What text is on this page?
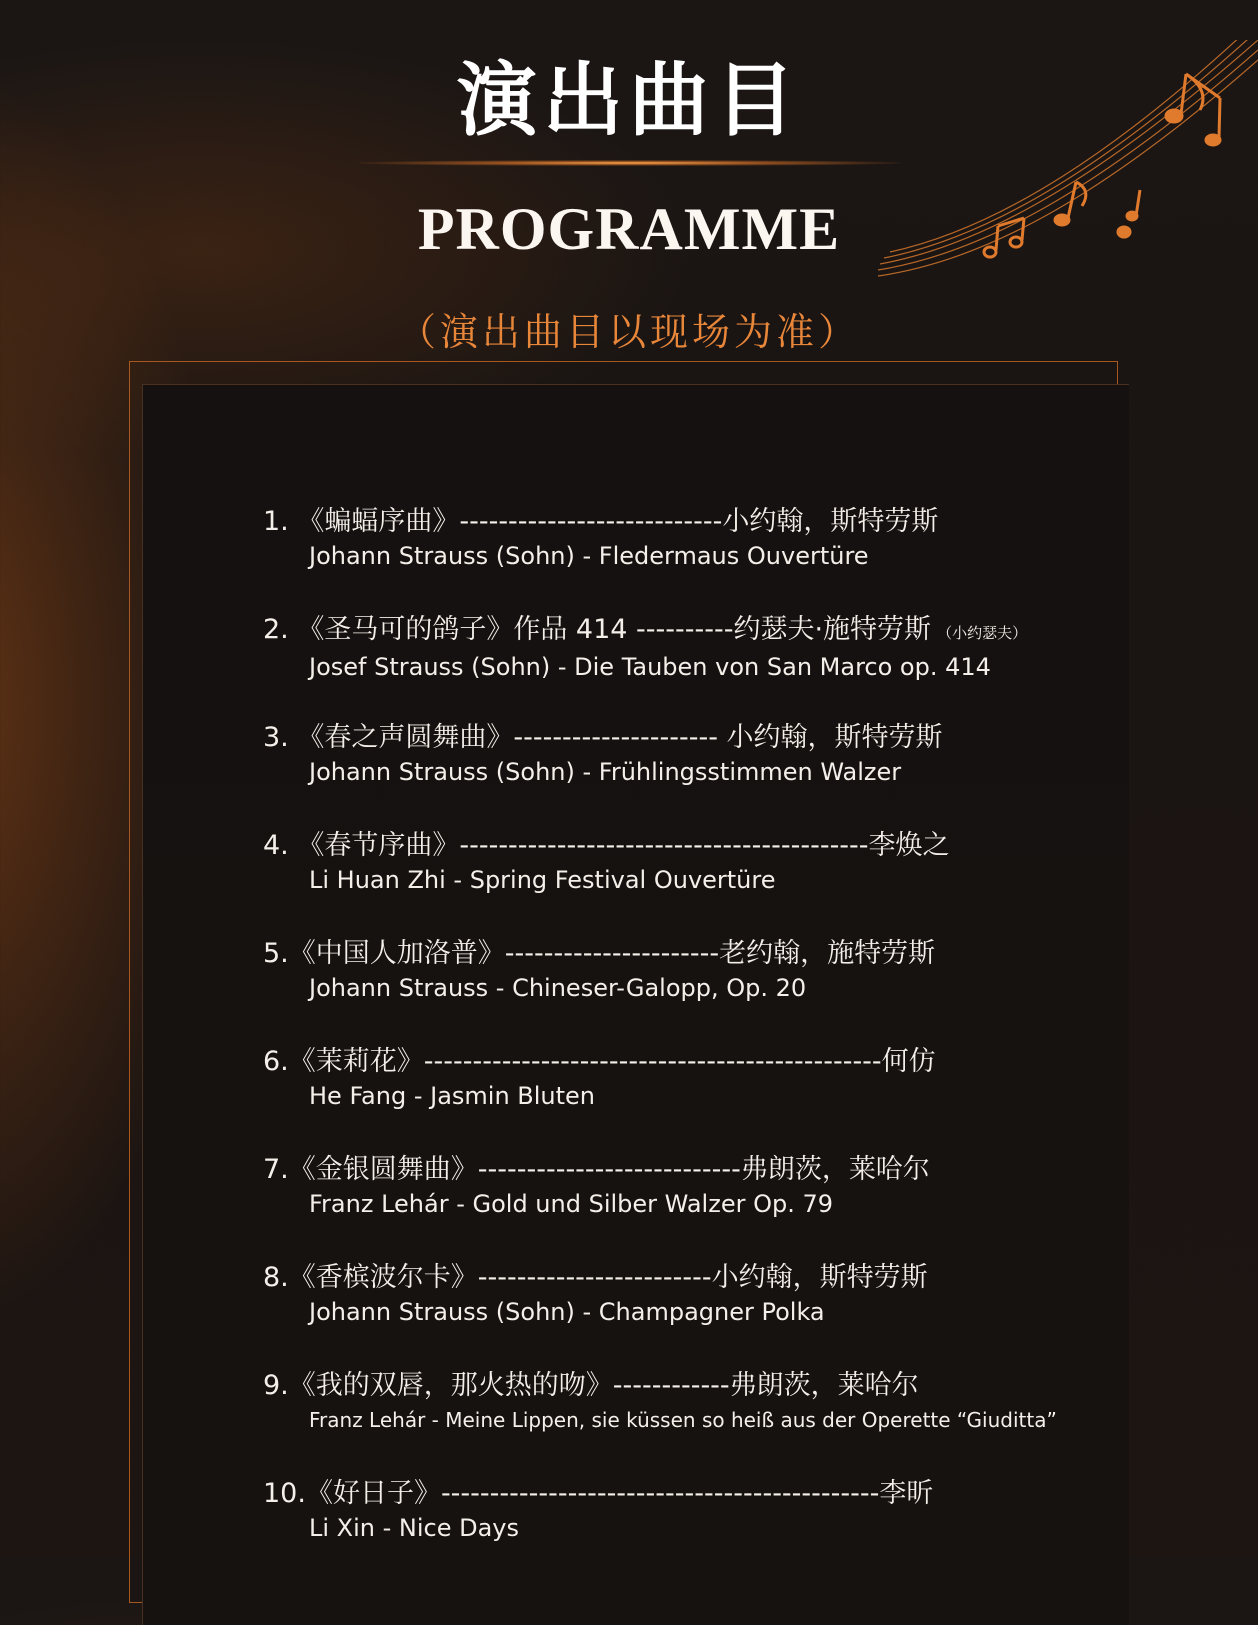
演出曲目
PROGRAMME
（演出曲目以现场为准）
1. 《蝙蝠序曲》---------------------------小约翰，斯特劳斯
Johann Strauss (Sohn) - Fledermaus Ouvertüre
2. 《圣马可的鸽子》作品 414 ----------约瑟夫·施特劳斯 （小约瑟夫）
Josef Strauss (Sohn) - Die Tauben von San Marco op. 414
3. 《春之声圆舞曲》--------------------- 小约翰，斯特劳斯
Johann Strauss (Sohn) - Frühlingsstimmen Walzer
4. 《春节序曲》------------------------------------------李焕之
Li Huan Zhi - Spring Festival Ouvertüre
5.《中国人加洛普》----------------------老约翰，施特劳斯
Johann Strauss - Chineser-Galopp, Op. 20
6.《茉莉花》-----------------------------------------------何仿
He Fang - Jasmin Bluten
7.《金银圆舞曲》---------------------------弗朗茨，莱哈尔
Franz Lehár - Gold und Silber Walzer Op. 79
8.《香槟波尔卡》------------------------小约翰，斯特劳斯
Johann Strauss (Sohn) - Champagner Polka
9.《我的双唇，那火热的吻》------------弗朗茨，莱哈尔
Franz Lehár - Meine Lippen, sie küssen so heiß aus der Operette “Giuditta”
10.《好日子》---------------------------------------------李昕
Li Xin - Nice Days
